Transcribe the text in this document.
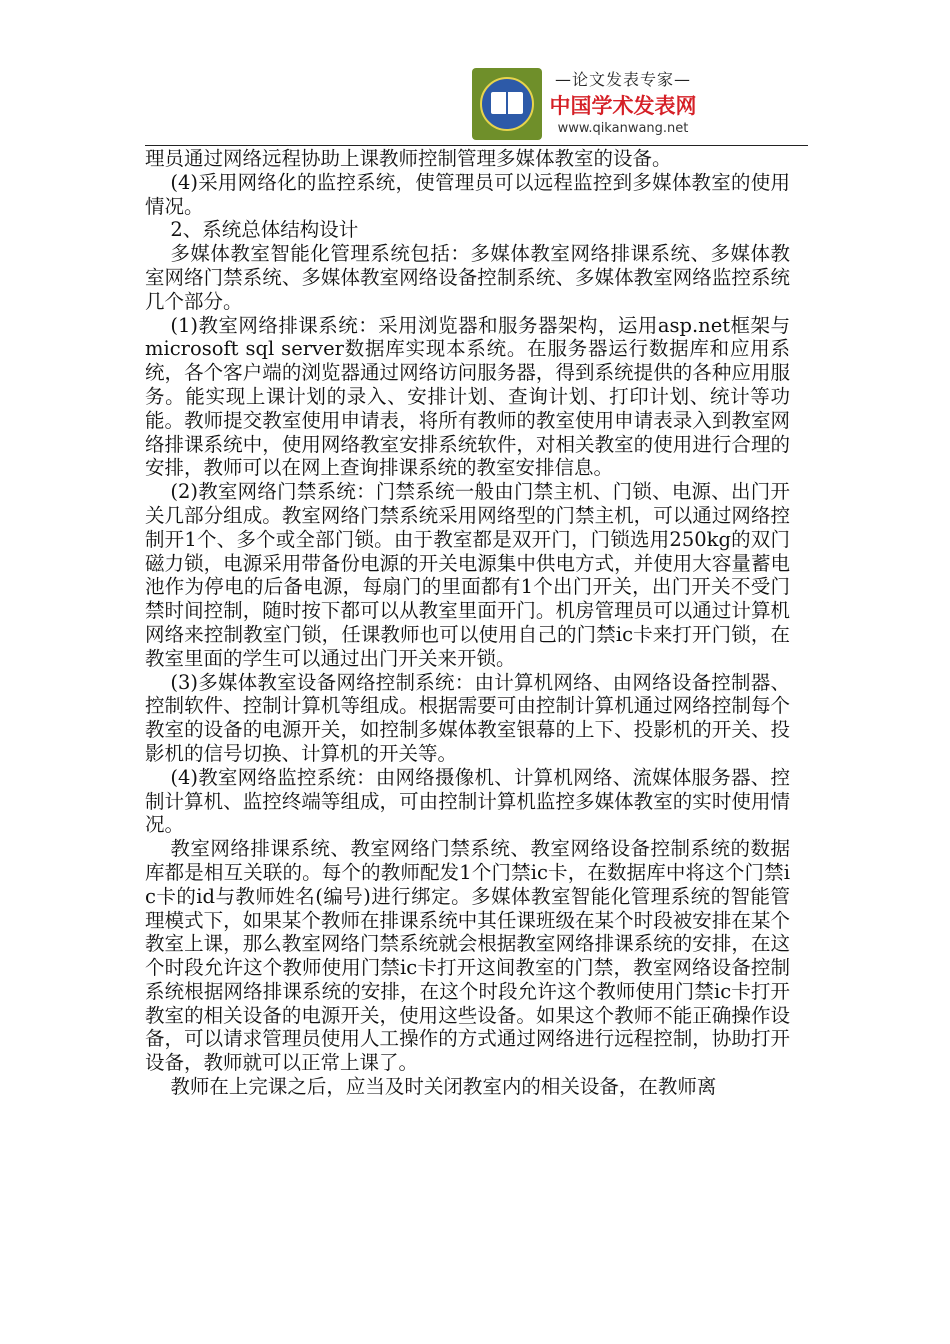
—论文发表专家—
中国学术发表网
www.qikanwang.net

理员通过网络远程协助上课教师控制管理多媒体教室的设备。

(4)采用网络化的监控系统，使管理员可以远程监控到多媒体教室的使用情况。

2、系统总体结构设计

多媒体教室智能化管理系统包括：多媒体教室网络排课系统、多媒体教室网络门禁系统、多媒体教室网络设备控制系统、多媒体教室网络监控系统几个部分。

(1)教室网络排课系统：采用浏览器和服务器架构，运用asp.net框架与 microsoft sql server数据库实现本系统。在服务器运行数据库和应用系统，各个客户端的浏览器通过网络访问服务器，得到系统提供的各种应用服务。能实现上课计划的录入、安排计划、查询计划、打印计划、统计等功能。教师提交教室使用申请表，将所有教师的教室使用申请表录入到教室网络排课系统中，使用网络教室安排系统软件，对相关教室的使用进行合理的安排，教师可以在网上查询排课系统的教室安排信息。

(2)教室网络门禁系统：门禁系统一般由门禁主机、门锁、电源、出门开关几部分组成。教室网络门禁系统采用网络型的门禁主机，可以通过网络控制开1个、多个或全部门锁。由于教室都是双开门，门锁选用250kg的双门磁力锁，电源采用带备份电源的开关电源集中供电方式，并使用大容量蓄电池作为停电的后备电源，每扇门的里面都有1个出门开关，出门开关不受门禁时间控制，随时按下都可以从教室里面开门。机房管理员可以通过计算机网络来控制教室门锁，任课教师也可以使用自己的门禁ic卡来打开门锁，在教室里面的学生可以通过出门开关来开锁。

(3)多媒体教室设备网络控制系统：由计算机网络、由网络设备控制器、控制软件、控制计算机等组成。根据需要可由控制计算机通过网络控制每个教室的设备的电源开关，如控制多媒体教室银幕的上下、投影机的开关、投影机的信号切换、计算机的开关等。

(4)教室网络监控系统：由网络摄像机、计算机网络、流媒体服务器、控制计算机、监控终端等组成，可由控制计算机监控多媒体教室的实时使用情况。

教室网络排课系统、教室网络门禁系统、教室网络设备控制系统的数据库都是相互关联的。每个的教师配发1个门禁ic卡，在数据库中将这个门禁ic卡的id与教师姓名(编号)进行绑定。多媒体教室智能化管理系统的智能管理模式下，如果某个教师在排课系统中其任课班级在某个时段被安排在某个教室上课，那么教室网络门禁系统就会根据教室网络排课系统的安排，在这个时段允许这个教师使用门禁ic卡打开这间教室的门禁，教室网络设备控制系统根据网络排课系统的安排，在这个时段允许这个教师使用门禁ic卡打开教室的相关设备的电源开关，使用这些设备。如果这个教师不能正确操作设备，可以请求管理员使用人工操作的方式通过网络进行远程控制，协助打开设备，教师就可以正常上课了。

教师在上完课之后，应当及时关闭教室内的相关设备，在教师离
